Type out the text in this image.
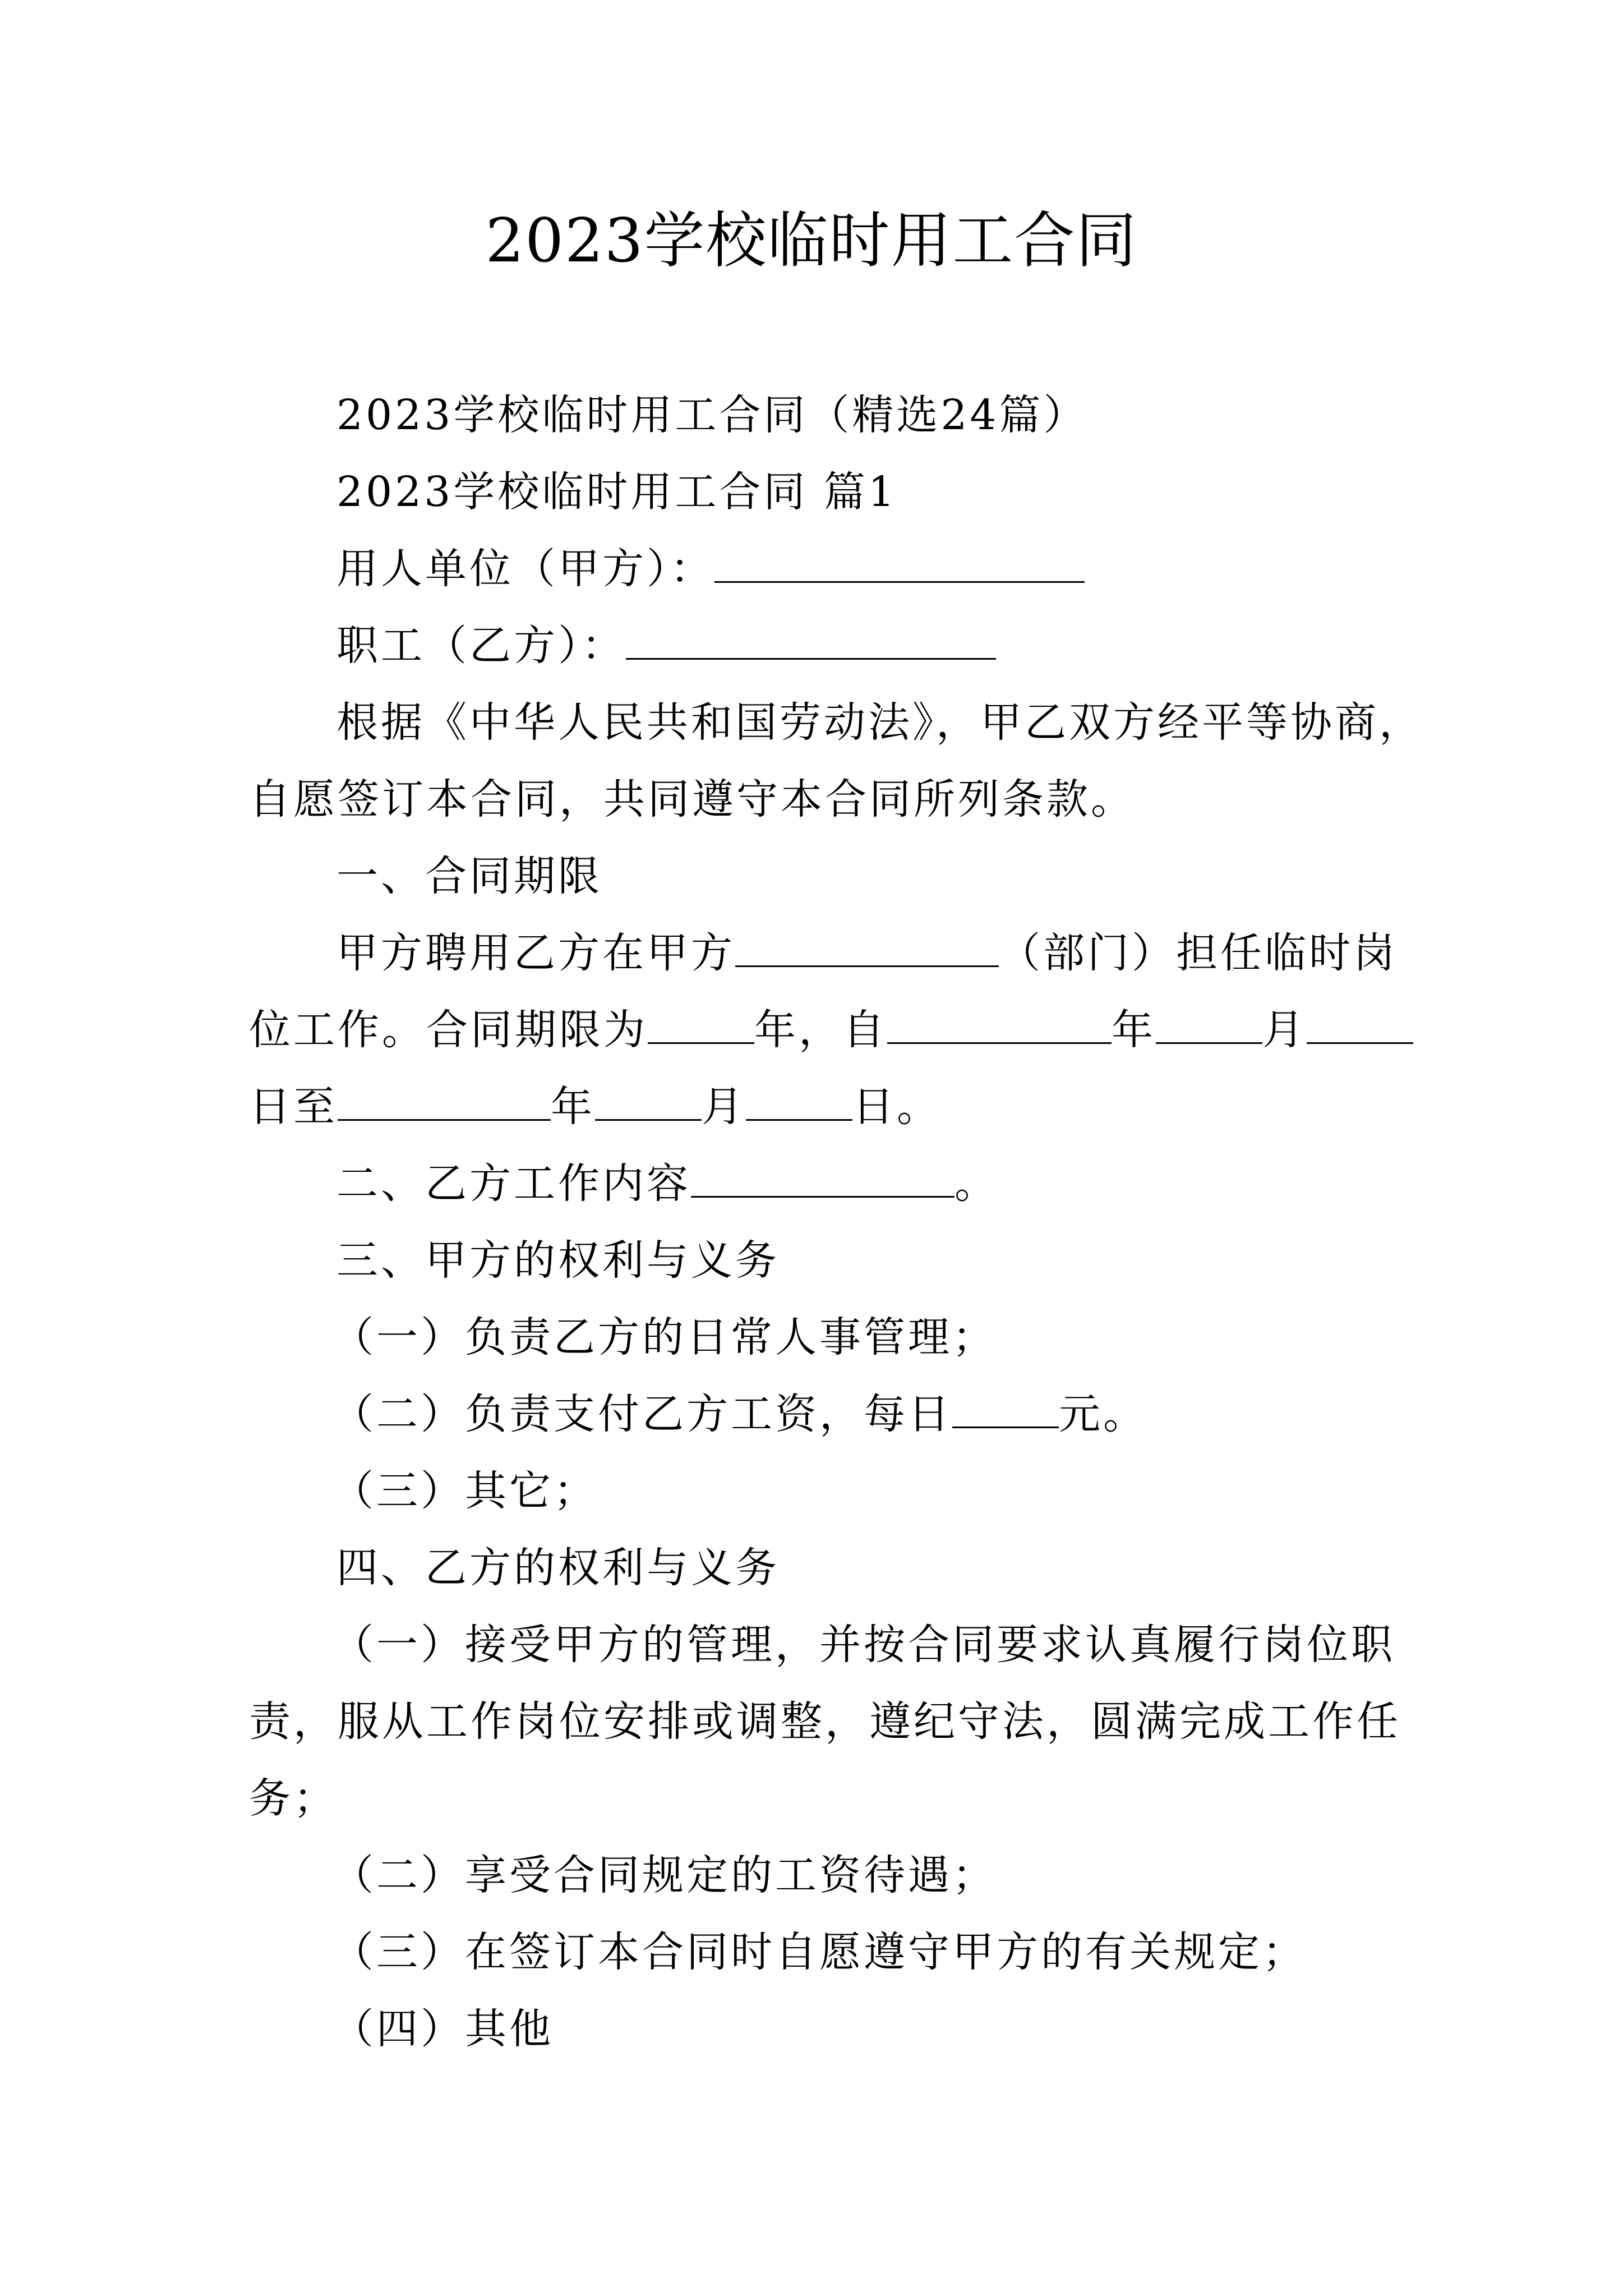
2023学校临时用工合同
2023学校临时用工合同（精选24篇）
2023学校临时用工合同 篇1
用人单位（甲方）：
职工（乙方）：
根据《中华人民共和国劳动法》，甲乙双方经平等协商，
自愿签订本合同，共同遵守本合同所列条款。
一、合同期限
甲方聘用乙方在甲方	（部门）担任临时岗
位工作。合同期限为	年，自	年	月
日至	年	月	日。
二、乙方工作内容	。
三、甲方的权利与义务
（一）负责乙方的日常人事管理；
（二）负责支付乙方工资，每日	元。
（三）其它；
四、乙方的权利与义务
（一）接受甲方的管理，并按合同要求认真履行岗位职
责，服从工作岗位安排或调整，遵纪守法，圆满完成工作任
务；
（二）享受合同规定的工资待遇；
（三）在签订本合同时自愿遵守甲方的有关规定；
（四）其他
